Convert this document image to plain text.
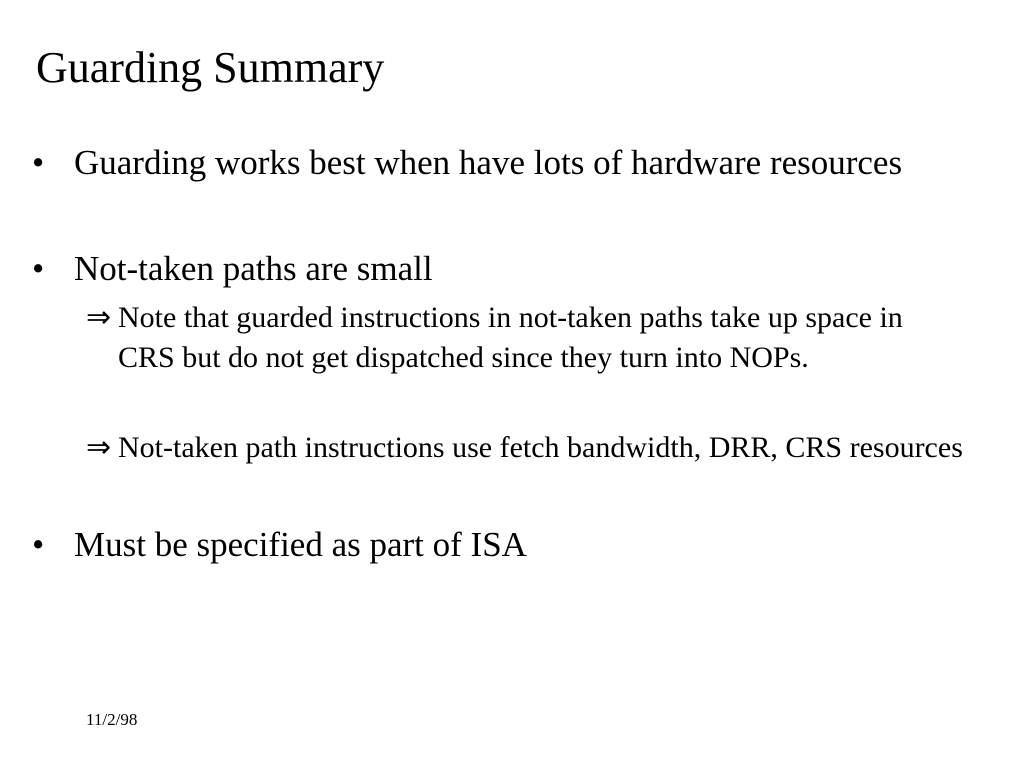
Guarding Summary
• Guarding works best when have lots of hardware resources
• Not-taken paths are small
⇒ Note that guarded instructions in not-taken paths take up space in CRS but do not get dispatched since they turn into NOPs.
⇒ Not-taken path instructions use fetch bandwidth, DRR, CRS resources
• Must be specified as part of ISA
11/2/98
